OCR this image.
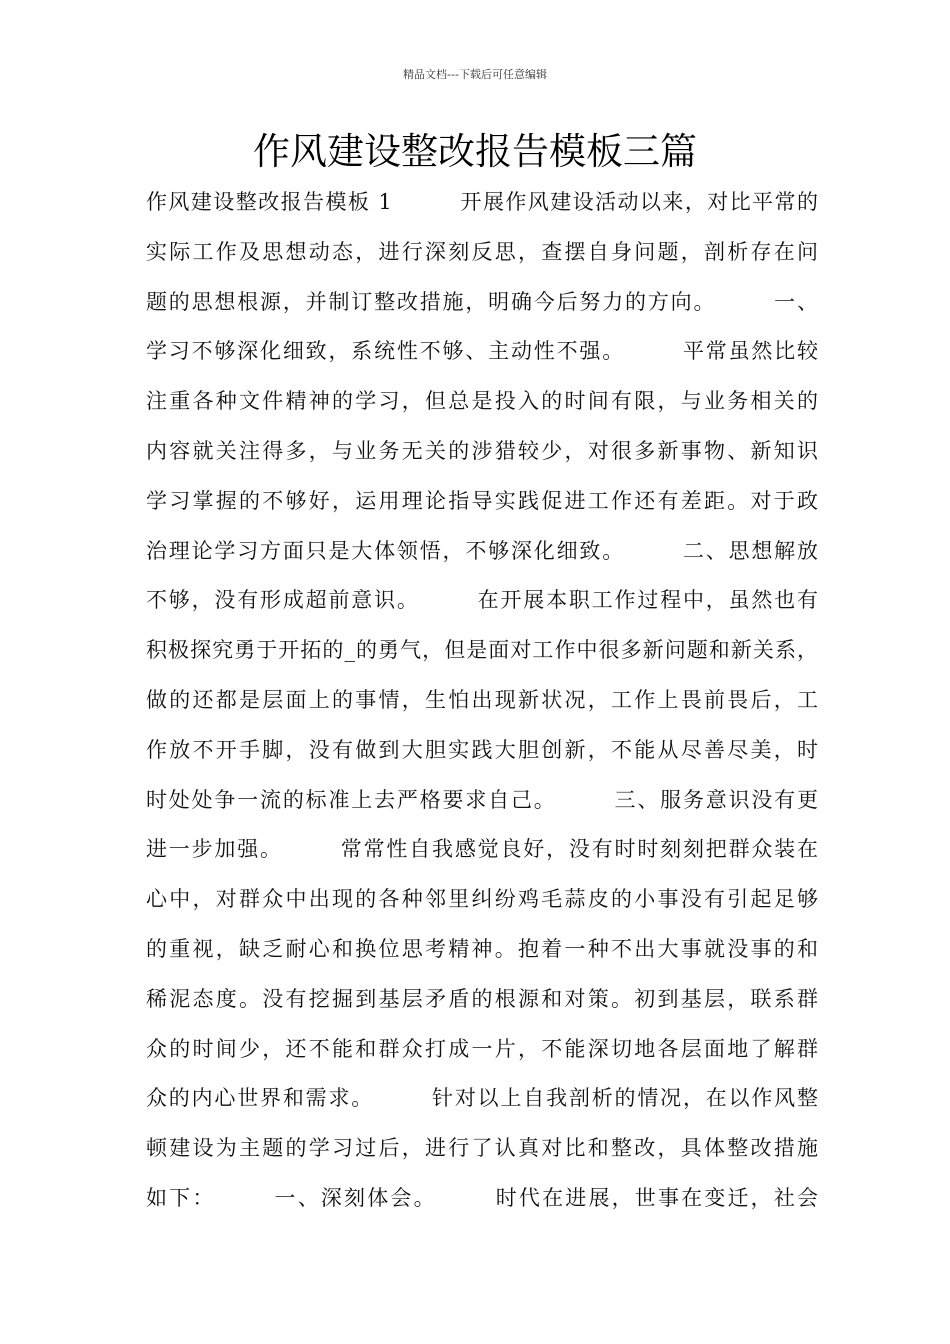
精品文档---下载后可任意编辑
作风建设整改报告模板三篇
作风建设整改报告模板 1　　　开展作风建设活动以来，对比平常的
实际工作及思想动态，进行深刻反思，查摆自身问题，剖析存在问
题的思想根源，并制订整改措施，明确今后努力的方向。　　　一、
学习不够深化细致，系统性不够、主动性不强。　　　平常虽然比较
注重各种文件精神的学习，但总是投入的时间有限，与业务相关的
内容就关注得多，与业务无关的涉猎较少，对很多新事物、新知识
学习掌握的不够好，运用理论指导实践促进工作还有差距。对于政
治理论学习方面只是大体领悟，不够深化细致。　　　二、思想解放
不够，没有形成超前意识。　　　在开展本职工作过程中，虽然也有
积极探究勇于开拓的_的勇气，但是面对工作中很多新问题和新关系，
做的还都是层面上的事情，生怕出现新状况，工作上畏前畏后，工
作放不开手脚，没有做到大胆实践大胆创新，不能从尽善尽美，时
时处处争一流的标准上去严格要求自己。　　　三、服务意识没有更
进一步加强。　　　常常性自我感觉良好，没有时时刻刻把群众装在
心中，对群众中出现的各种邻里纠纷鸡毛蒜皮的小事没有引起足够
的重视，缺乏耐心和换位思考精神。抱着一种不出大事就没事的和
稀泥态度。没有挖掘到基层矛盾的根源和对策。初到基层，联系群
众的时间少，还不能和群众打成一片，不能深切地各层面地了解群
众的内心世界和需求。　　　针对以上自我剖析的情况，在以作风整
顿建设为主题的学习过后，进行了认真对比和整改，具体整改措施
如下：　　　一、深刻体会。　　　时代在进展，世事在变迁，社会
